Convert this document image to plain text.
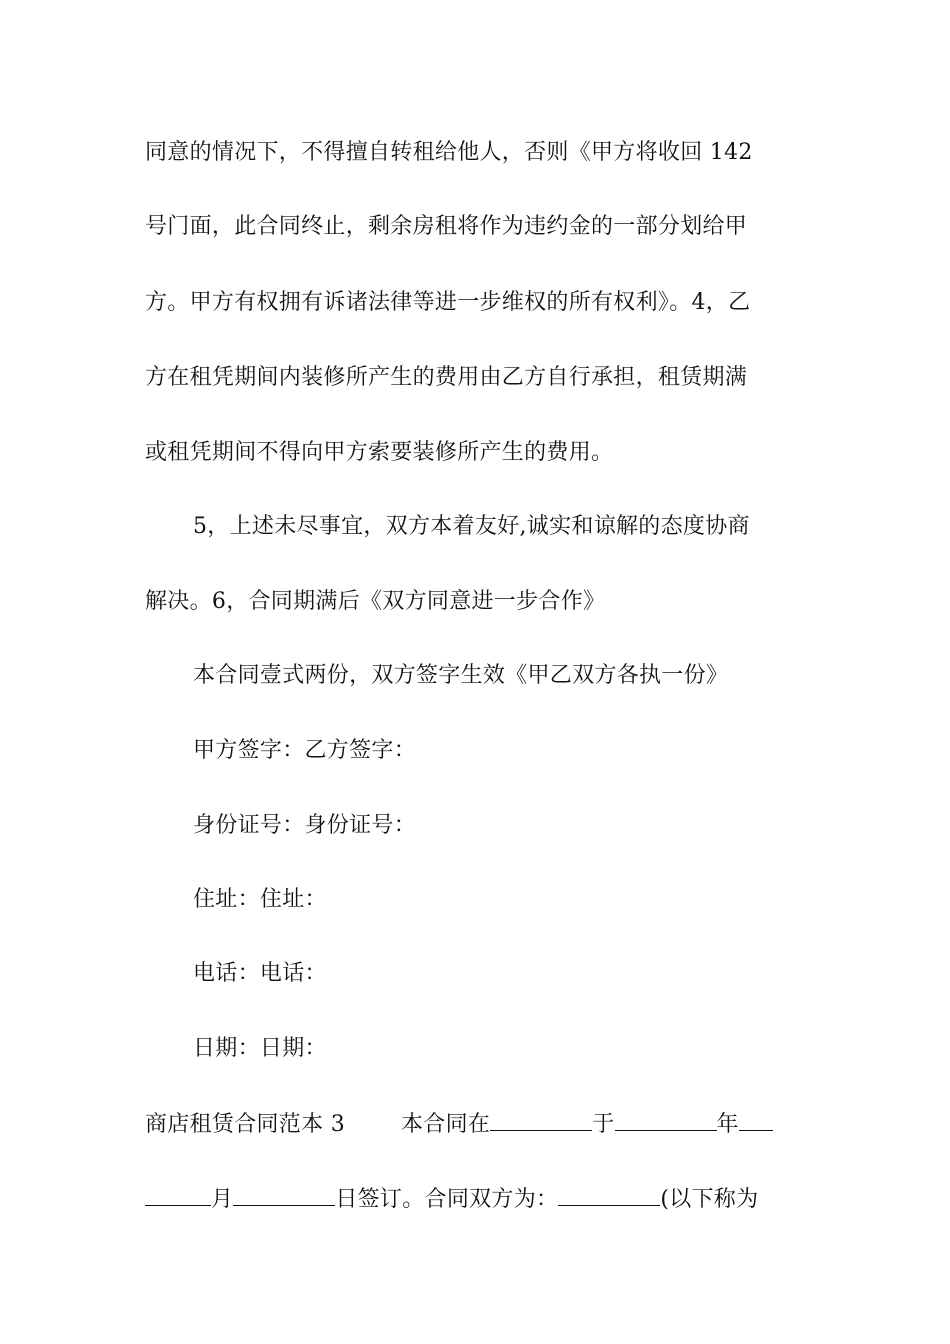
同意的情况下，不得擅自转租给他人，否则《甲方将收回 142
号门面，此合同终止，剩余房租将作为违约金的一部分划给甲
方。甲方有权拥有诉诸法律等进一步维权的所有权利》。4，乙
方在租凭期间内装修所产生的费用由乙方自行承担，租赁期满
或租凭期间不得向甲方索要装修所产生的费用。
5，上述未尽事宜，双方本着友好,诚实和谅解的态度协商
解决。6，合同期满后《双方同意进一步合作》
本合同壹式两份，双方签字生效《甲乙双方各执一份》
甲方签字：乙方签字：
身份证号：身份证号：
住址：住址：
电话：电话：
日期：日期：
商店租赁合同范本 3	本合同在	于	年
月	日签订。合同双方为：	(以下称为
